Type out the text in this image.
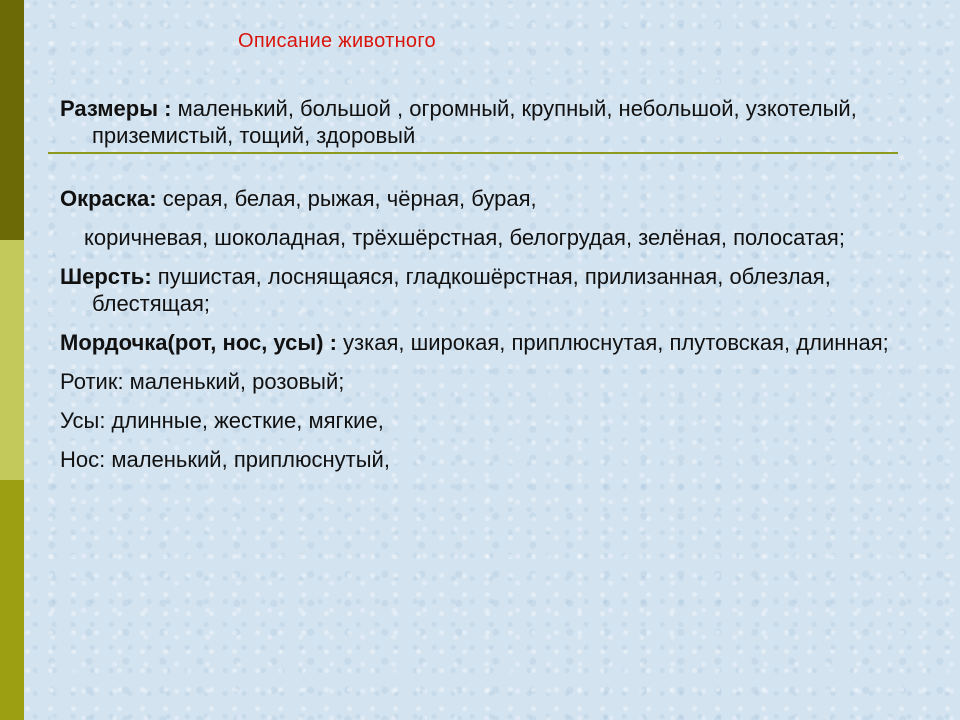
Описание животного
Размеры : маленький, большой , огромный, крупный, небольшой, узкотелый, приземистый, тощий, здоровый
Окраска: серая, белая, рыжая, чёрная, бурая,
коричневая, шоколадная, трёхшёрстная, белогрудая, зелёная, полосатая;
Шерсть: пушистая, лоснящаяся, гладкошёрстная, прилизанная, облезлая, блестящая;
Мордочка(рот, нос, усы) : узкая, широкая, приплюснутая, плутовская, длинная;
Ротик: маленький, розовый;
Усы: длинные, жесткие, мягкие,
Нос: маленький, приплюснутый,
